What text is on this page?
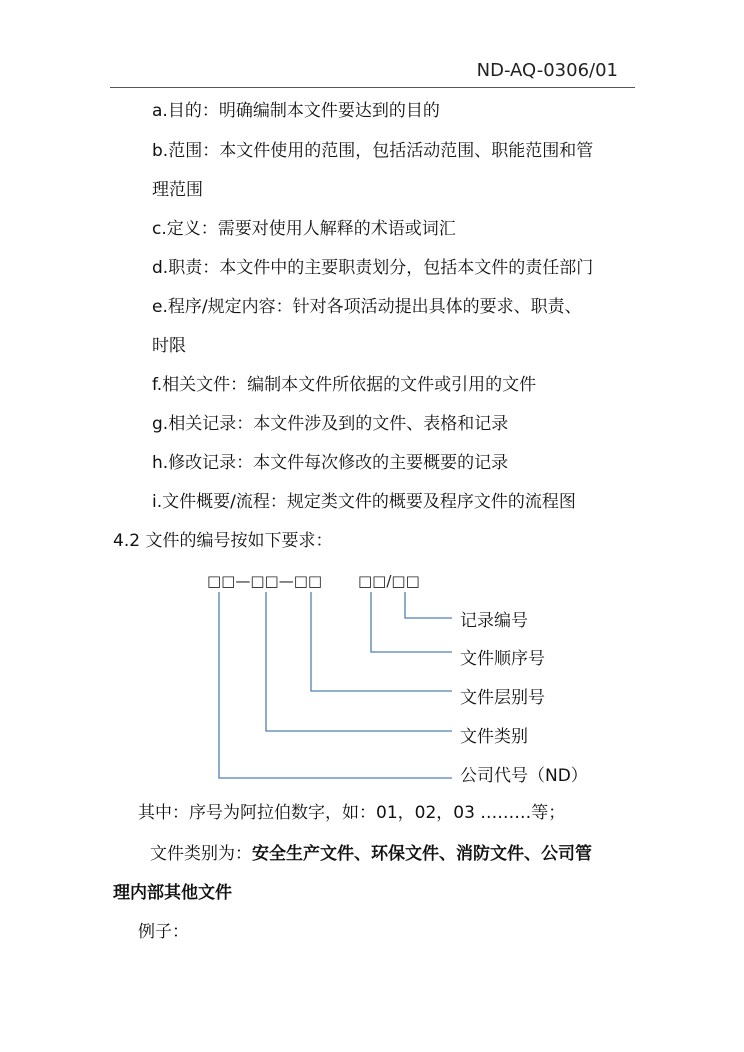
ND-AQ-0306/01
a.目的：明确编制本文件要达到的目的
b.范围：本文件使用的范围，包括活动范围、职能范围和管
理范围
c.定义：需要对使用人解释的术语或词汇
d.职责：本文件中的主要职责划分，包括本文件的责任部门
e.程序/规定内容：针对各项活动提出具体的要求、职责、
时限
f.相关文件：编制本文件所依据的文件或引用的文件
g.相关记录：本文件涉及到的文件、表格和记录
h.修改记录：本文件每次修改的主要概要的记录
i.文件概要/流程：规定类文件的概要及程序文件的流程图
4.2 文件的编号按如下要求：
□□—□□—□□ □□/□□
记录编号
文件顺序号
文件层别号
文件类别
公司代号（ND）
其中：序号为阿拉伯数字，如：01，02，03 ………等；
文件类别为：安全生产文件、环保文件、消防文件、公司管
理内部其他文件
例子：
